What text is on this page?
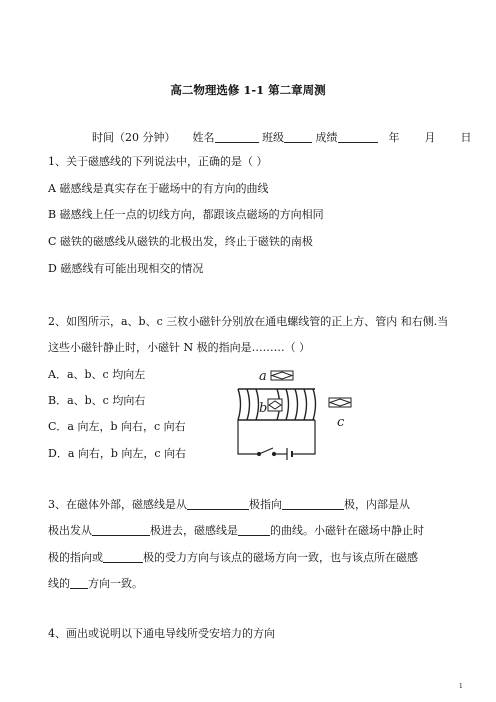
高二物理选修 1-1 第二章周测
时间（20 分钟） 姓名	班级	成绩	年 月 日
1、关于磁感线的下列说法中，正确的是（ ）
A 磁感线是真实存在于磁场中的有方向的曲线
B 磁感线上任一点的切线方向，都跟该点磁场的方向相同
C 磁铁的磁感线从磁铁的北极出发，终止于磁铁的南极
D 磁感线有可能出现相交的情况
2、如图所示，a、b、c 三枚小磁针分别放在通电螺线管的正上方、管内 和右侧.当
这些小磁针静止时，小磁针 N 极的指向是………（ ）
A．a、b、c 均向左
B．a、b、c 均向右
C．a 向左，b 向右，c 向右
D．a 向右，b 向左，c 向右
a
b
c
3、在磁体外部，磁感线是从	极指向	极，内部是从
极出发从	极进去，磁感线是	的曲线。小磁针在磁场中静止时
极的指向或	极的受力方向与该点的磁场方向一致，也与该点所在磁感
线的 方向一致。
4、画出或说明以下通电导线所受安培力的方向
1
